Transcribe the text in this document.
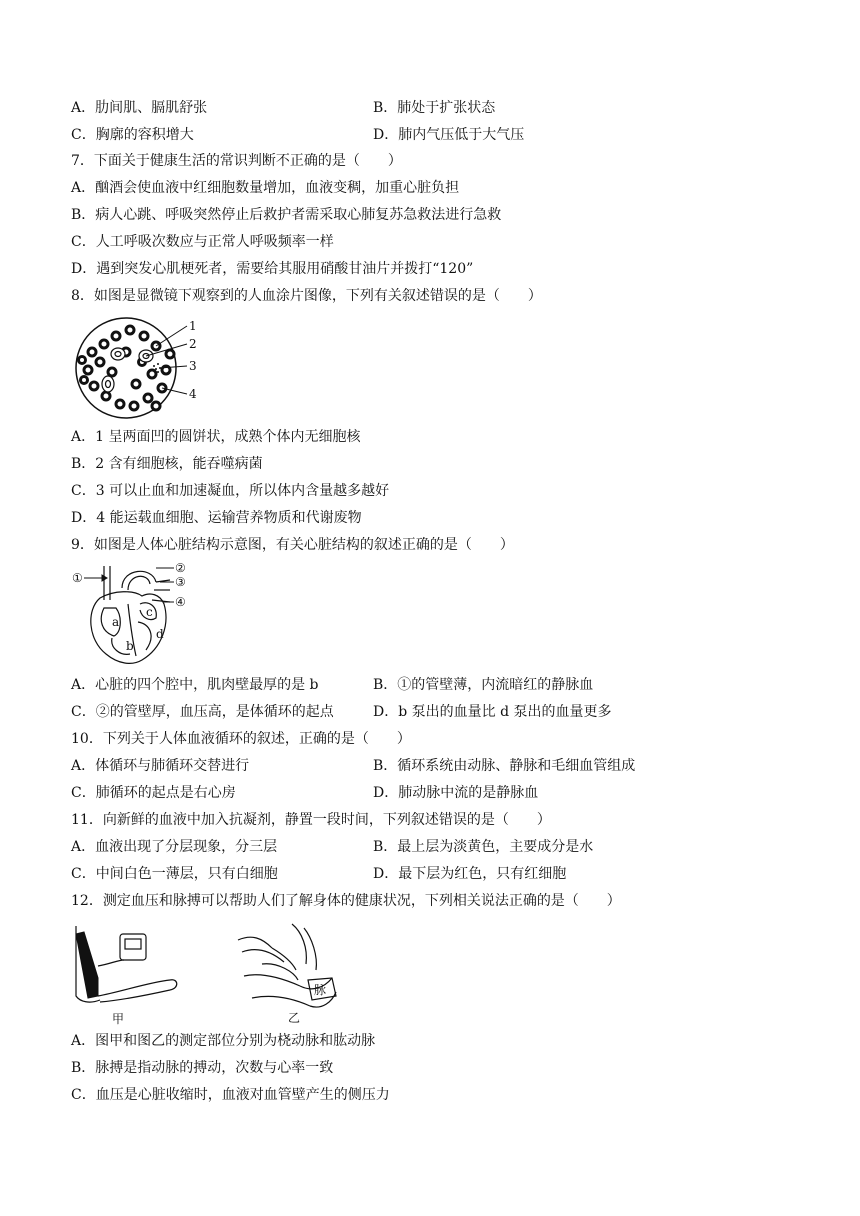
A．肋间肌、膈肌舒张	B．肺处于扩张状态
C．胸廓的容积增大	D．肺内气压低于大气压
7．下面关于健康生活的常识判断不正确的是（　　）
A．酗酒会使血液中红细胞数量增加，血液变稠，加重心脏负担
B．病人心跳、呼吸突然停止后救护者需采取心肺复苏急救法进行急救
C．人工呼吸次数应与正常人呼吸频率一样
D．遇到突发心肌梗死者，需要给其服用硝酸甘油片并拨打“120”
8．如图是显微镜下观察到的人血涂片图像，下列有关叙述错误的是（　　）
1
2
3
4
A．1 呈两面凹的圆饼状，成熟个体内无细胞核
B．2 含有细胞核，能吞噬病菌
C．3 可以止血和加速凝血，所以体内含量越多越好
D．4 能运载血细胞、运输营养物质和代谢废物
9．如图是人体心脏结构示意图，有关心脏结构的叙述正确的是（　　）
①
②
③
④
a
b
c
d
A．心脏的四个腔中，肌肉壁最厚的是 b	B．①的管壁薄，内流暗红的静脉血
C．②的管壁厚，血压高，是体循环的起点	D．b 泵出的血量比 d 泵出的血量更多
10．下列关于人体血液循环的叙述，正确的是（　　）
A．体循环与肺循环交替进行	B．循环系统由动脉、静脉和毛细血管组成
C．肺循环的起点是右心房	D．肺动脉中流的是静脉血
11．向新鲜的血液中加入抗凝剂，静置一段时间，下列叙述错误的是（　　）
A．血液出现了分层现象，分三层	B．最上层为淡黄色，主要成分是水
C．中间白色一薄层，只有白细胞	D．最下层为红色，只有红细胞
12．测定血压和脉搏可以帮助人们了解身体的健康状况，下列相关说法正确的是（　　）
甲
脉
乙
A．图甲和图乙的测定部位分别为桡动脉和肱动脉
B．脉搏是指动脉的搏动，次数与心率一致
C．血压是心脏收缩时，血液对血管壁产生的侧压力
